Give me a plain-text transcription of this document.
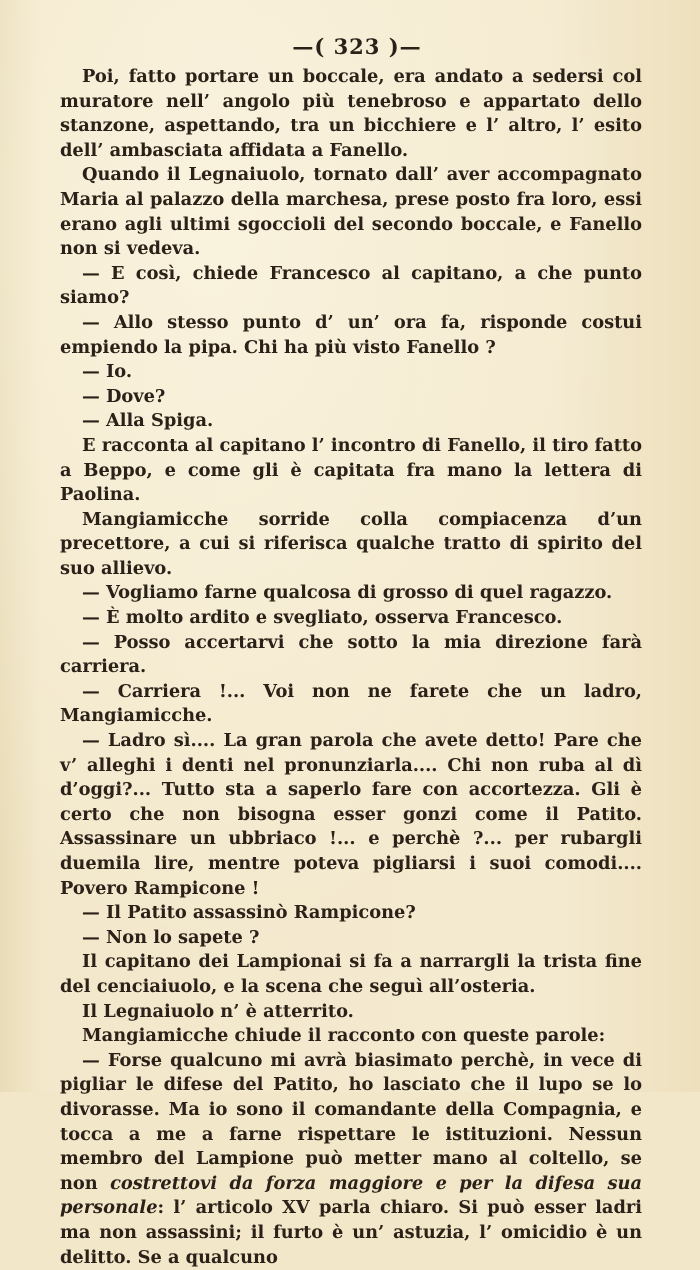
—( 323 )—

Poi, fatto portare un boccale, era andato a sedersi col muratore nell’ angolo più tenebroso e appartato dello stanzone, aspettando, tra un bicchiere e l’ altro, l’ esito dell’ ambasciata affidata a Fanello.

Quando il Legnaiuolo, tornato dall’ aver accompagnato Maria al palazzo della marchesa, prese posto fra loro, essi erano agli ultimi sgoccioli del secondo boccale, e Fanello non si vedeva.

— E così, chiede Francesco al capitano, a che punto siamo?

— Allo stesso punto d’ un’ ora fa, risponde costui empiendo la pipa. Chi ha più visto Fanello ?

— Io.

— Dove?

— Alla Spiga.

E racconta al capitano l’ incontro di Fanello, il tiro fatto a Beppo, e come gli è capitata fra mano la lettera di Paolina.

Mangiamicche sorride colla compiacenza d’un precettore, a cui si riferisca qualche tratto di spirito del suo allievo.

— Vogliamo farne qualcosa di grosso di quel ragazzo.

— È molto ardito e svegliato, osserva Francesco.

— Posso accertarvi che sotto la mia direzione farà carriera.

— Carriera !... Voi non ne farete che un ladro, Mangiamicche.

— Ladro sì.... La gran parola che avete detto! Pare che v’ alleghi i denti nel pronunziarla.... Chi non ruba al dì d’oggi?... Tutto sta a saperlo fare con accortezza. Gli è certo che non bisogna esser gonzi come il Patito. Assassinare un ubbriaco !... e perchè ?... per rubargli duemila lire, mentre poteva pigliarsi i suoi comodi.... Povero Rampicone !

— Il Patito assassinò Rampicone?

— Non lo sapete ?

Il capitano dei Lampionai si fa a narrargli la trista fine del cenciaiuolo, e la scena che seguì all’osteria.

Il Legnaiuolo n’ è atterrito.

Mangiamicche chiude il racconto con queste parole:

— Forse qualcuno mi avrà biasimato perchè, in vece di pigliar le difese del Patito, ho lasciato che il lupo se lo divorasse. Ma io sono il comandante della Compagnia, e tocca a me a farne rispettare le istituzioni. Nessun membro del Lampione può metter mano al coltello, se non costrettovi da forza maggiore e per la difesa sua personale: l’ articolo XV parla chiaro. Si può esser ladri ma non assassini; il furto è un’ astuzia, l’ omicidio è un delitto. Se a qualcuno
